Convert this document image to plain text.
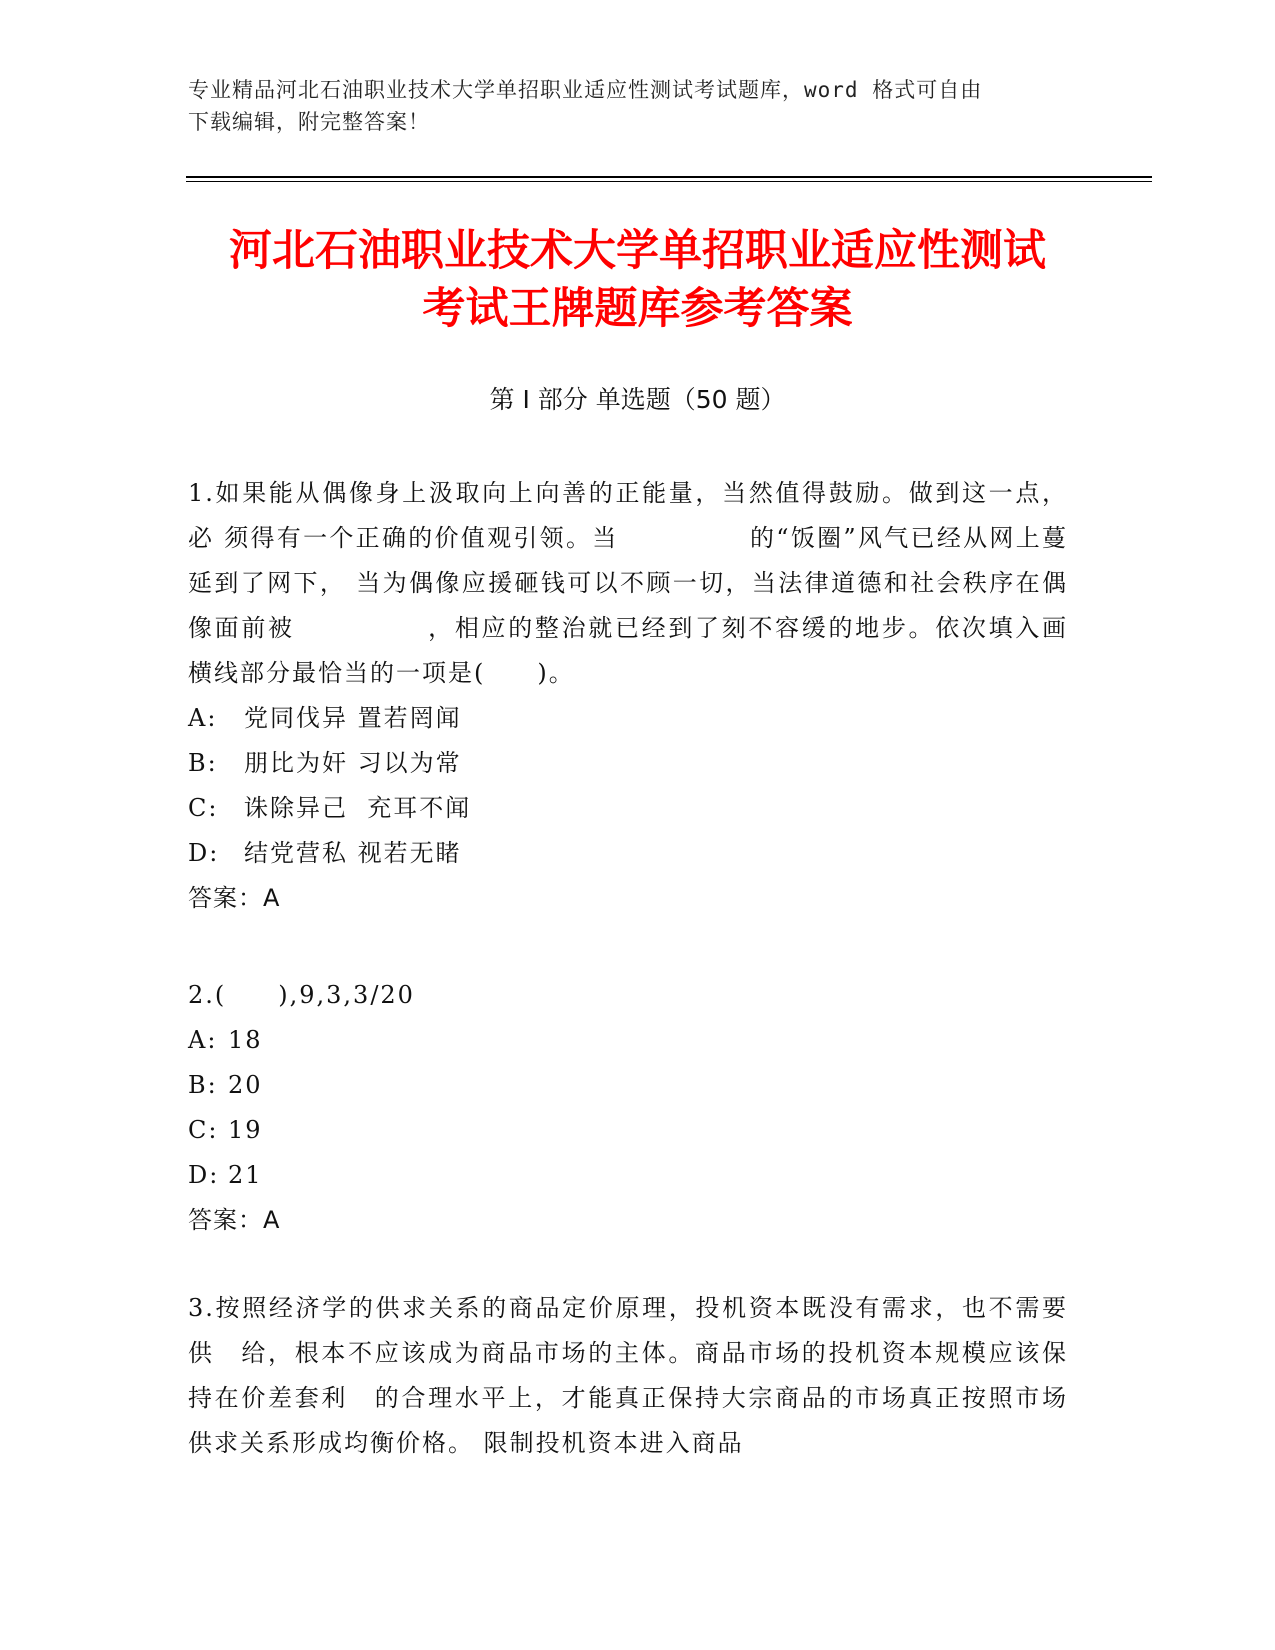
专业精品河北石油职业技术大学单招职业适应性测试考试题库，word 格式可自由
下载编辑，附完整答案！
河北石油职业技术大学单招职业适应性测试
考试王牌题库参考答案
第 I 部分 单选题（50 题）
1.如果能从偶像身上汲取向上向善的正能量，当然值得鼓励。做到这一点，必 须得有一个正确的价值观引领。当　　　　　的“饭圈”风气已经从网上蔓延到了网下， 当为偶像应援砸钱可以不顾一切，当法律道德和社会秩序在偶像面前被　　　　　，相应的整治就已经到了刻不容缓的地步。依次填入画横线部分最恰当的一项是(　　)。
A: 党同伐异 置若罔闻
B: 朋比为奸 习以为常
C: 诛除异己  充耳不闻
D: 结党营私 视若无睹
答案：A
2.(　　),9,3,3/20
A: 18
B: 20
C: 19
D: 21
答案：A
3.按照经济学的供求关系的商品定价原理，投机资本既没有需求，也不需要供　给，根本不应该成为商品市场的主体。商品市场的投机资本规模应该保持在价差套利　的合理水平上，才能真正保持大宗商品的市场真正按照市场供求关系形成均衡价格。 限制投机资本进入商品
